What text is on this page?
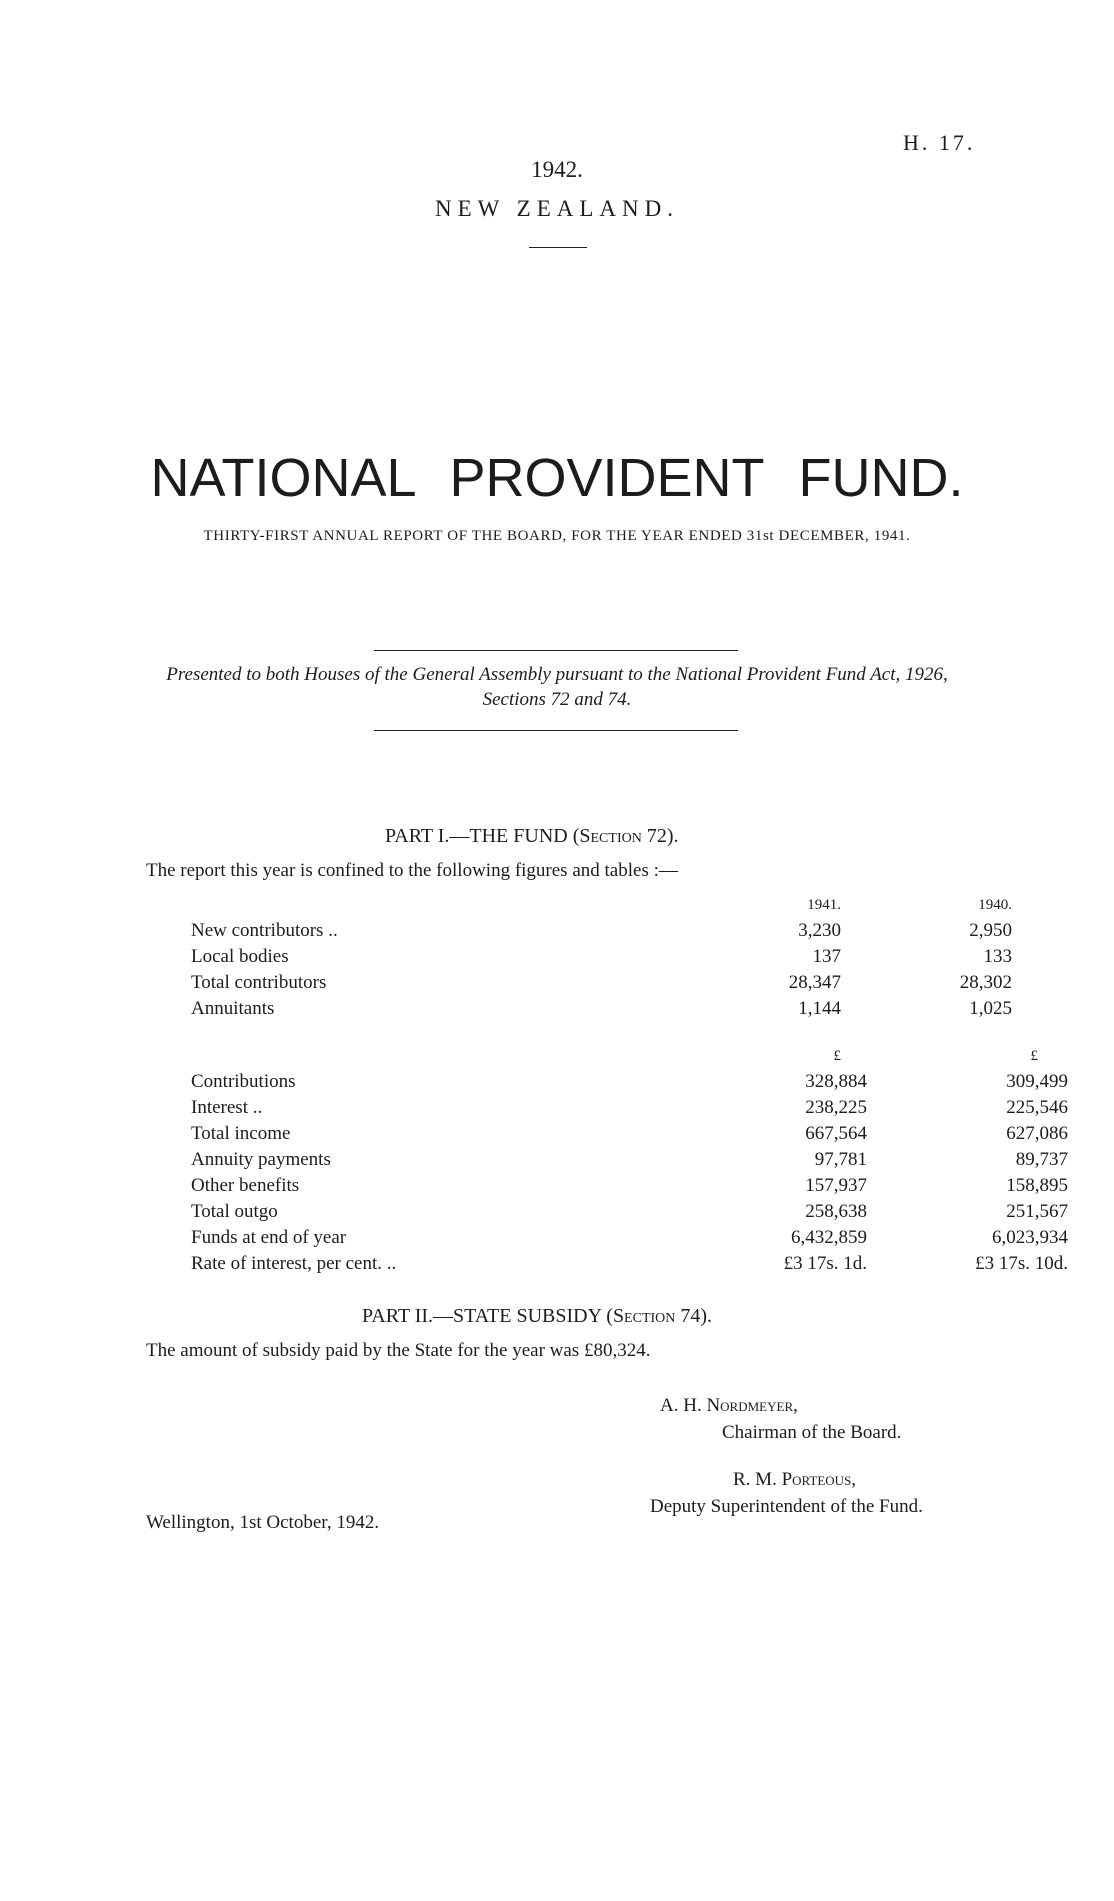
H. 17.
1942.
NEW ZEALAND.
NATIONAL PROVIDENT FUND.
THIRTY-FIRST ANNUAL REPORT OF THE BOARD, FOR THE YEAR ENDED 31st DECEMBER, 1941.
Presented to both Houses of the General Assembly pursuant to the National Provident Fund Act, 1926,
Sections 72 and 74.
PART I.—THE FUND (Section 72).
The report this year is confined to the following figures and tables :—
	1941.	1940.
New contributors ..	3,230	2,950
Local bodies	137	133
Total contributors	28,347	28,302
Annuitants	1,144	1,025
	£	£
Contributions	328,884	309,499
Interest ..	238,225	225,546
Total income	667,564	627,086
Annuity payments	97,781	89,737
Other benefits	157,937	158,895
Total outgo	258,638	251,567
Funds at end of year	6,432,859	6,023,934
Rate of interest, per cent. ..	£3 17s. 1d.	£3 17s. 10d.
PART II.—STATE SUBSIDY (Section 74).
The amount of subsidy paid by the State for the year was £80,324.
A. H. Nordmeyer,
Chairman of the Board.
R. M. Porteous,
Deputy Superintendent of the Fund.
Wellington, 1st October, 1942.
